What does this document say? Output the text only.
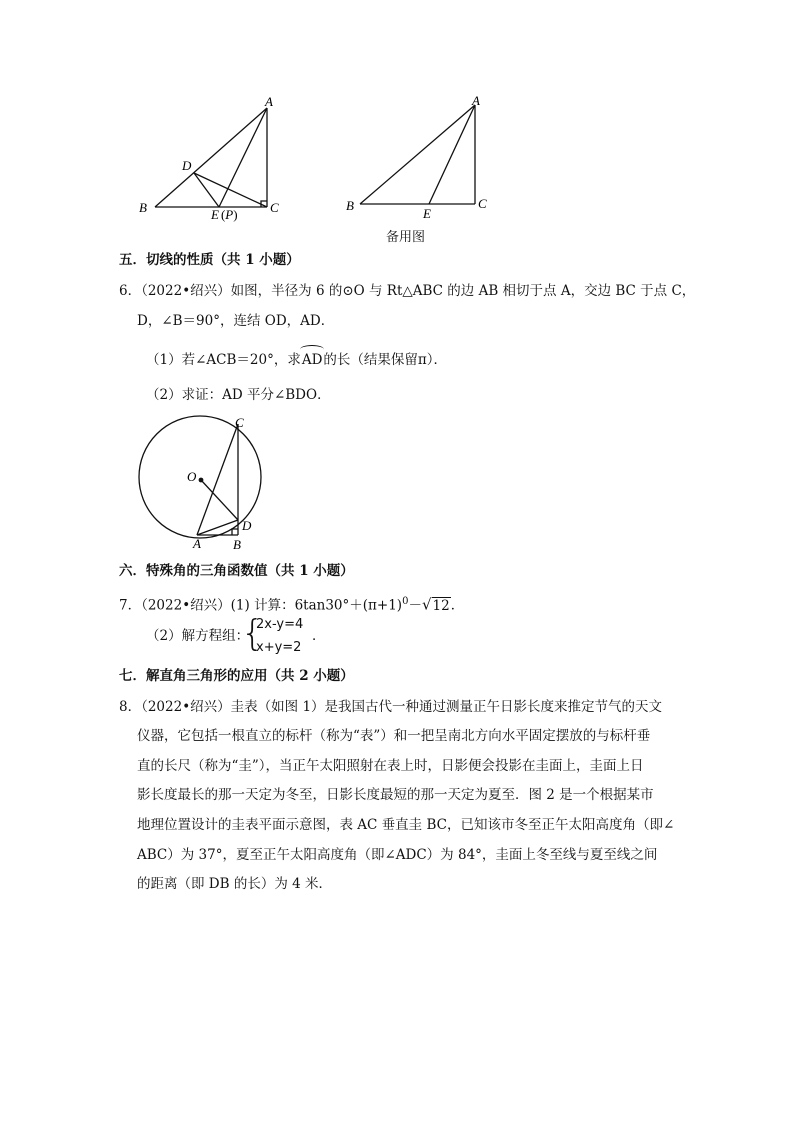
A
B	C
D
E (P)
A
B	C
E
备用图
五．切线的性质（共 1 小题）
6．（2022•绍兴）如图，半径为 6 的⊙O 与 Rt△ABC 的边 AB 相切于点 A，交边 BC 于点 C，
D，∠B＝90°，连结 OD，AD．
（1）若∠ACB＝20°，求
AD的长（结果保留π）．
（2）求证：AD 平分∠BDO．
O
A B
C
D
六．特殊角的三角函数值（共 1 小题）
7．（2022•绍兴）(1) 计算：$6\tan 30^\circ+(\pi+1)^0-√12$．
（2）解方程组：
{
2x-y=4
x+y=2
．
七．解直角三角形的应用（共 2 小题）
8．（2022•绍兴）圭表（如图 1）是我国古代一种通过测量正午日影长度来推定节气的天文
仪器，它包括一根直立的标杆（称为“表”）和一把呈南北方向水平固定摆放的与标杆垂
直的长尺（称为“圭”），当正午太阳照射在表上时，日影便会投影在圭面上，圭面上日
影长度最长的那一天定为冬至，日影长度最短的那一天定为夏至．图 2 是一个根据某市
地理位置设计的圭表平面示意图，表 AC 垂直圭 BC，已知该市冬至正午太阳高度角（即∠
ABC）为 37°，夏至正午太阳高度角（即∠ADC）为 84°，圭面上冬至线与夏至线之间
的距离（即 DB 的长）为 4 米．
